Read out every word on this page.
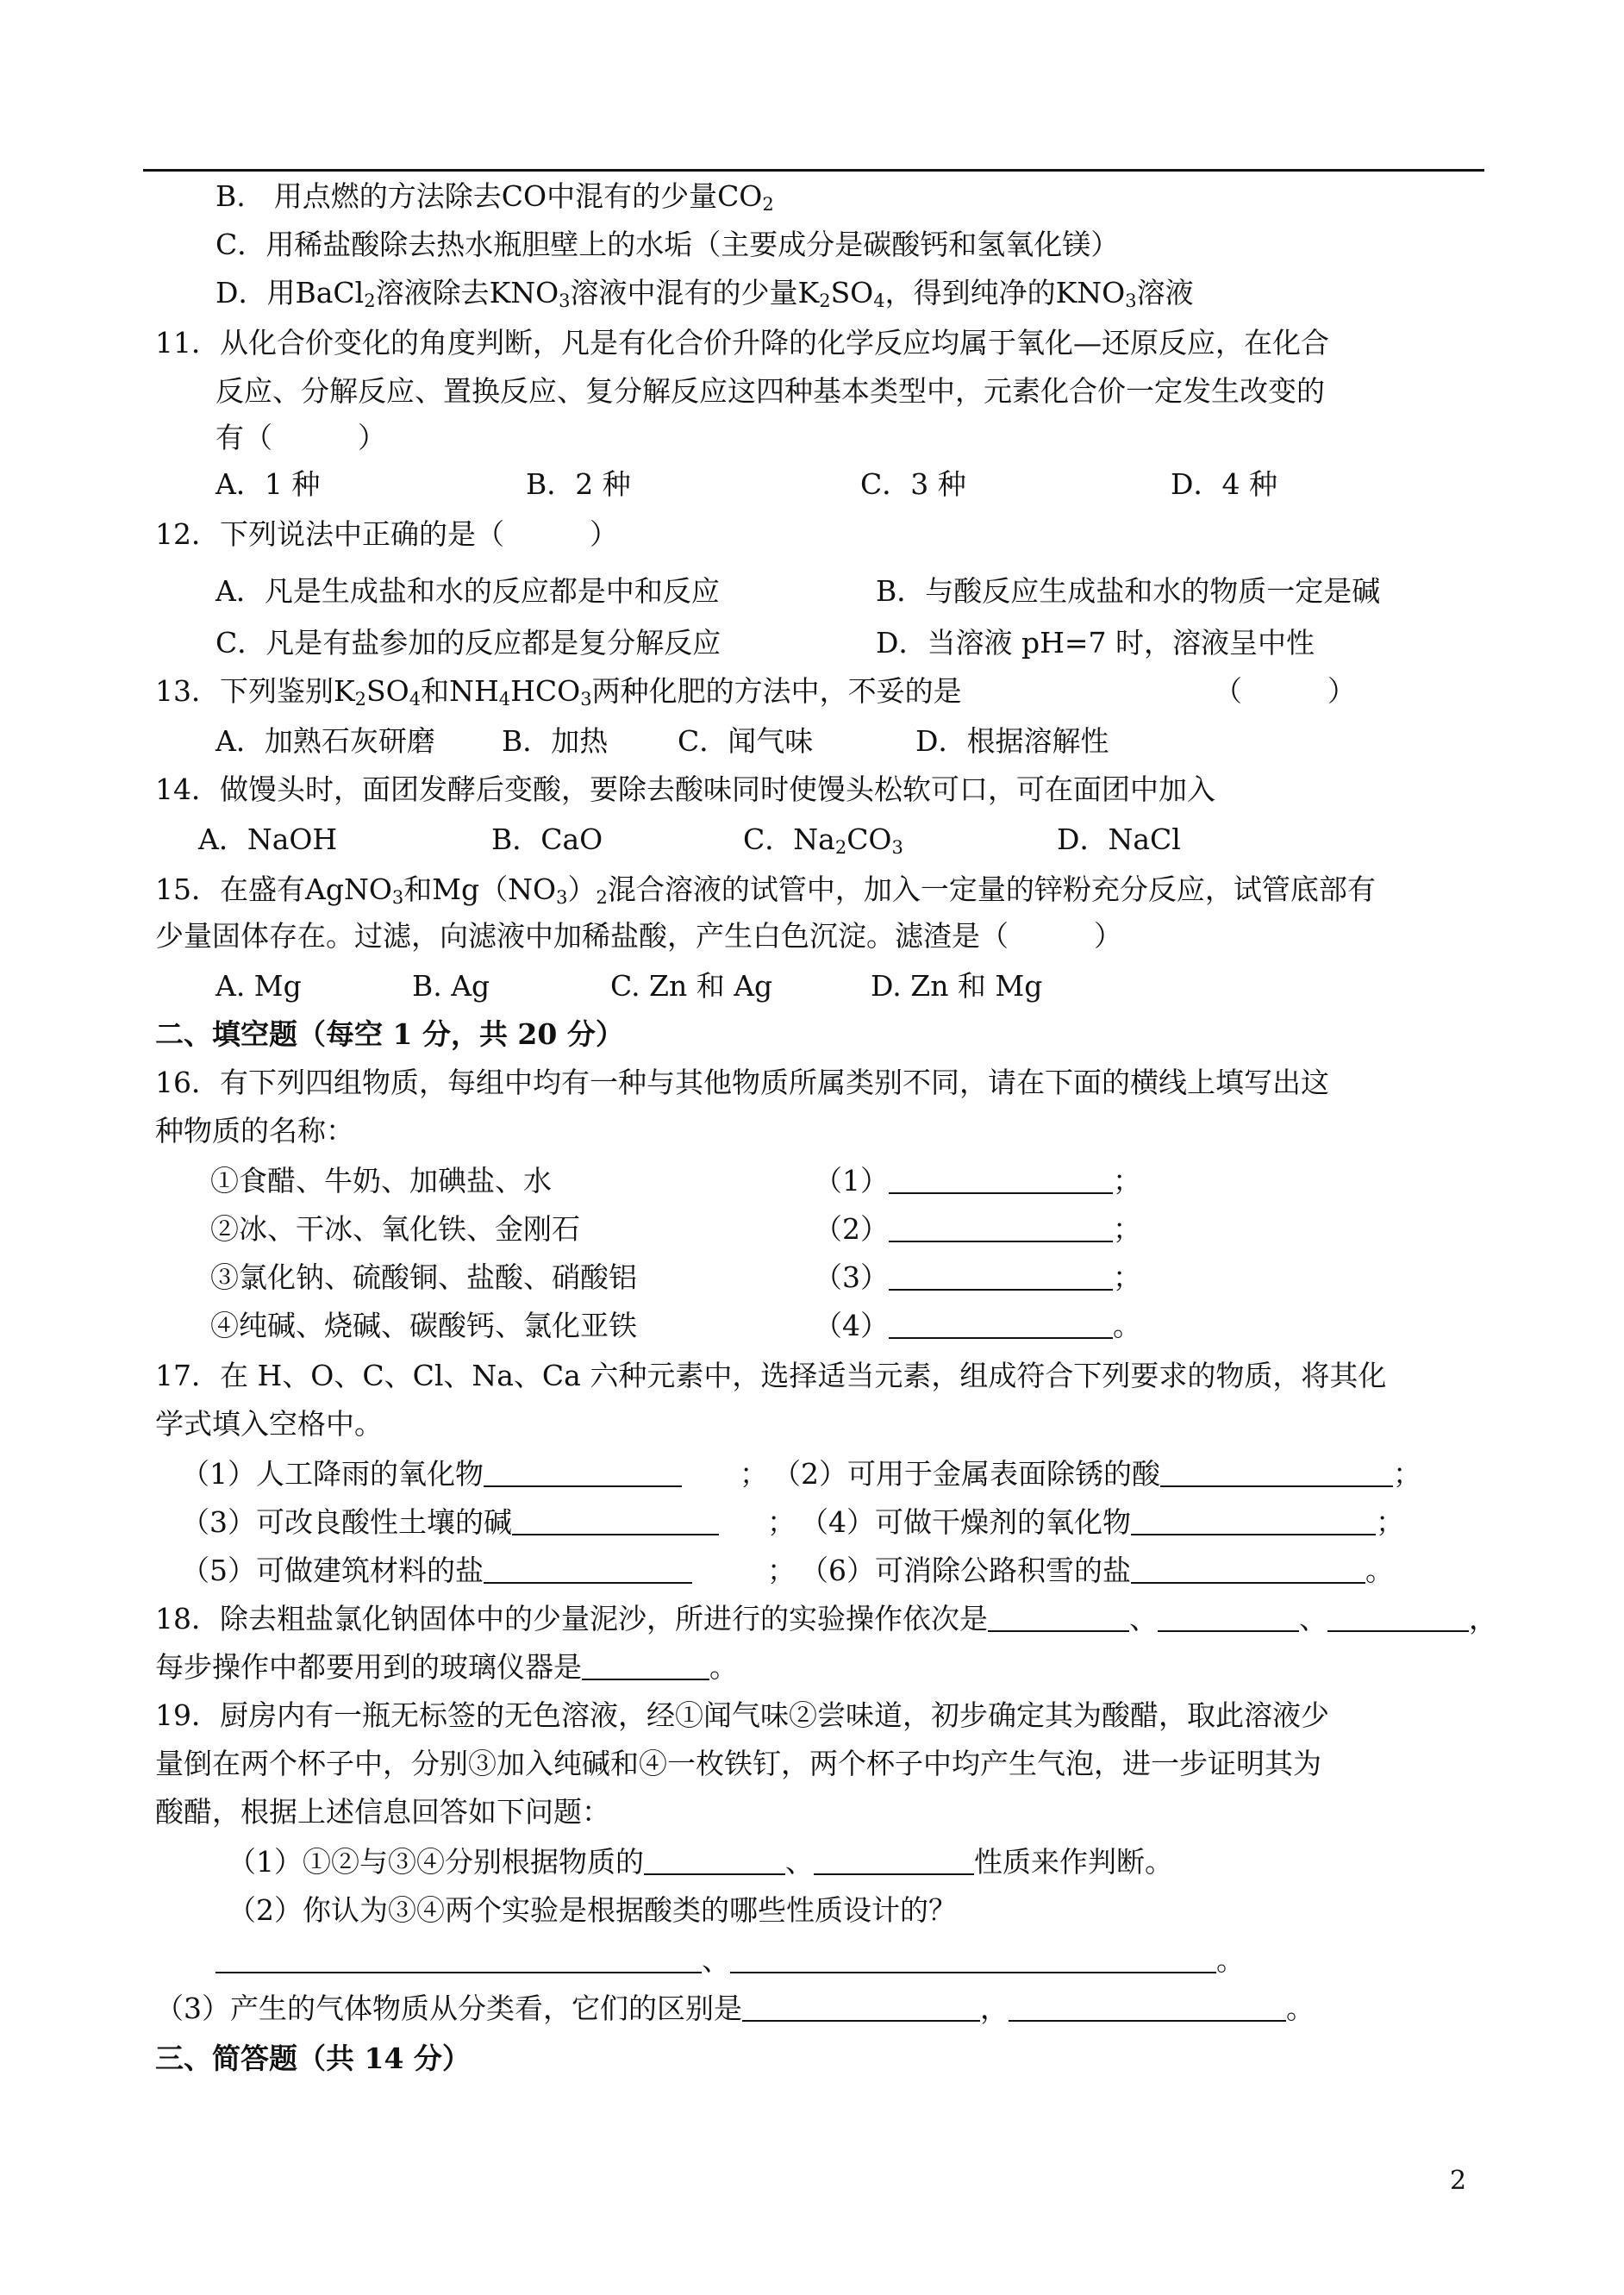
B.　用点燃的方法除去CO中混有的少量$CO_2$
C．用稀盐酸除去热水瓶胆壁上的水垢（主要成分是碳酸钙和氢氧化镁）
D．用BaCl$_2$溶液除去$KNO_3$溶液中混有的少量$K_2SO_4$，得到纯净的$KNO_3$溶液
11．从化合价变化的角度判断，凡是有化合价升降的化学反应均属于氧化—还原反应，在化合
反应、分解反应、置换反应、复分解反应这四种基本类型中，元素化合价一定发生改变的
有（　　　）
A．1 种	B．2 种	C．3 种	D．4 种
12．下列说法中正确的是（　　　）
A．凡是生成盐和水的反应都是中和反应	B．与酸反应生成盐和水的物质一定是碱
C．凡是有盐参加的反应都是复分解反应	D．当溶液 pH=7 时，溶液呈中性
13．下列鉴别$K_2SO_4$和$NH_4HCO_3$两种化肥的方法中，不妥的是	（　　　）
A．加熟石灰研磨 B．加热 C．闻气味	D．根据溶解性
14．做馒头时，面团发酵后变酸，要除去酸味同时使馒头松软可口，可在面团中加入
A．NaOH	B．CaO	C．$Na_2CO_3$	D．NaCl
15．在盛有AgNO$_3$和$Mg(NO_3)_2$混合溶液的试管中，加入一定量的锌粉充分反应，试管底部有
少量固体存在。过滤，向滤液中加稀盐酸，产生白色沉淀。滤渣是（　　　）
A. Mg	B. Ag	C. Zn 和 Ag	D. Zn 和 Mg
二、填空题（每空 1 分，共 20 分）
16．有下列四组物质，每组中均有一种与其他物质所属类别不同，请在下面的横线上填写出这
种物质的名称：
①食醋、牛奶、加碘盐、水	（1）	；
②冰、干冰、氧化铁、金刚石	（2）	；
③氯化钠、硫酸铜、盐酸、硝酸铝	（3）	；
④纯碱、烧碱、碳酸钙、氯化亚铁	（4）	。
17．在 H、O、C、Cl、Na、Ca 六种元素中，选择适当元素，组成符合下列要求的物质，将其化
学式填入空格中。
（1）人工降雨的氧化物	； （2）可用于金属表面除锈的酸	；
（3）可改良酸性土壤的碱	； （4）可做干燥剂的氧化物	；
（5）可做建筑材料的盐	； （6）可消除公路积雪的盐	。
18．除去粗盐氯化钠固体中的少量泥沙，所进行的实验操作依次是	、	、	，
每步操作中都要用到的玻璃仪器是	。
19．厨房内有一瓶无标签的无色溶液，经①闻气味②尝味道，初步确定其为酸醋，取此溶液少
量倒在两个杯子中，分别③加入纯碱和④一枚铁钉，两个杯子中均产生气泡，进一步证明其为
酸醋，根据上述信息回答如下问题：
（1）①②与③④分别根据物质的	、	性质来作判断。
（2）你认为③④两个实验是根据酸类的哪些性质设计的？
、	。
（3）产生的气体物质从分类看，它们的区别是	，	。
三、简答题（共 14 分）
2
